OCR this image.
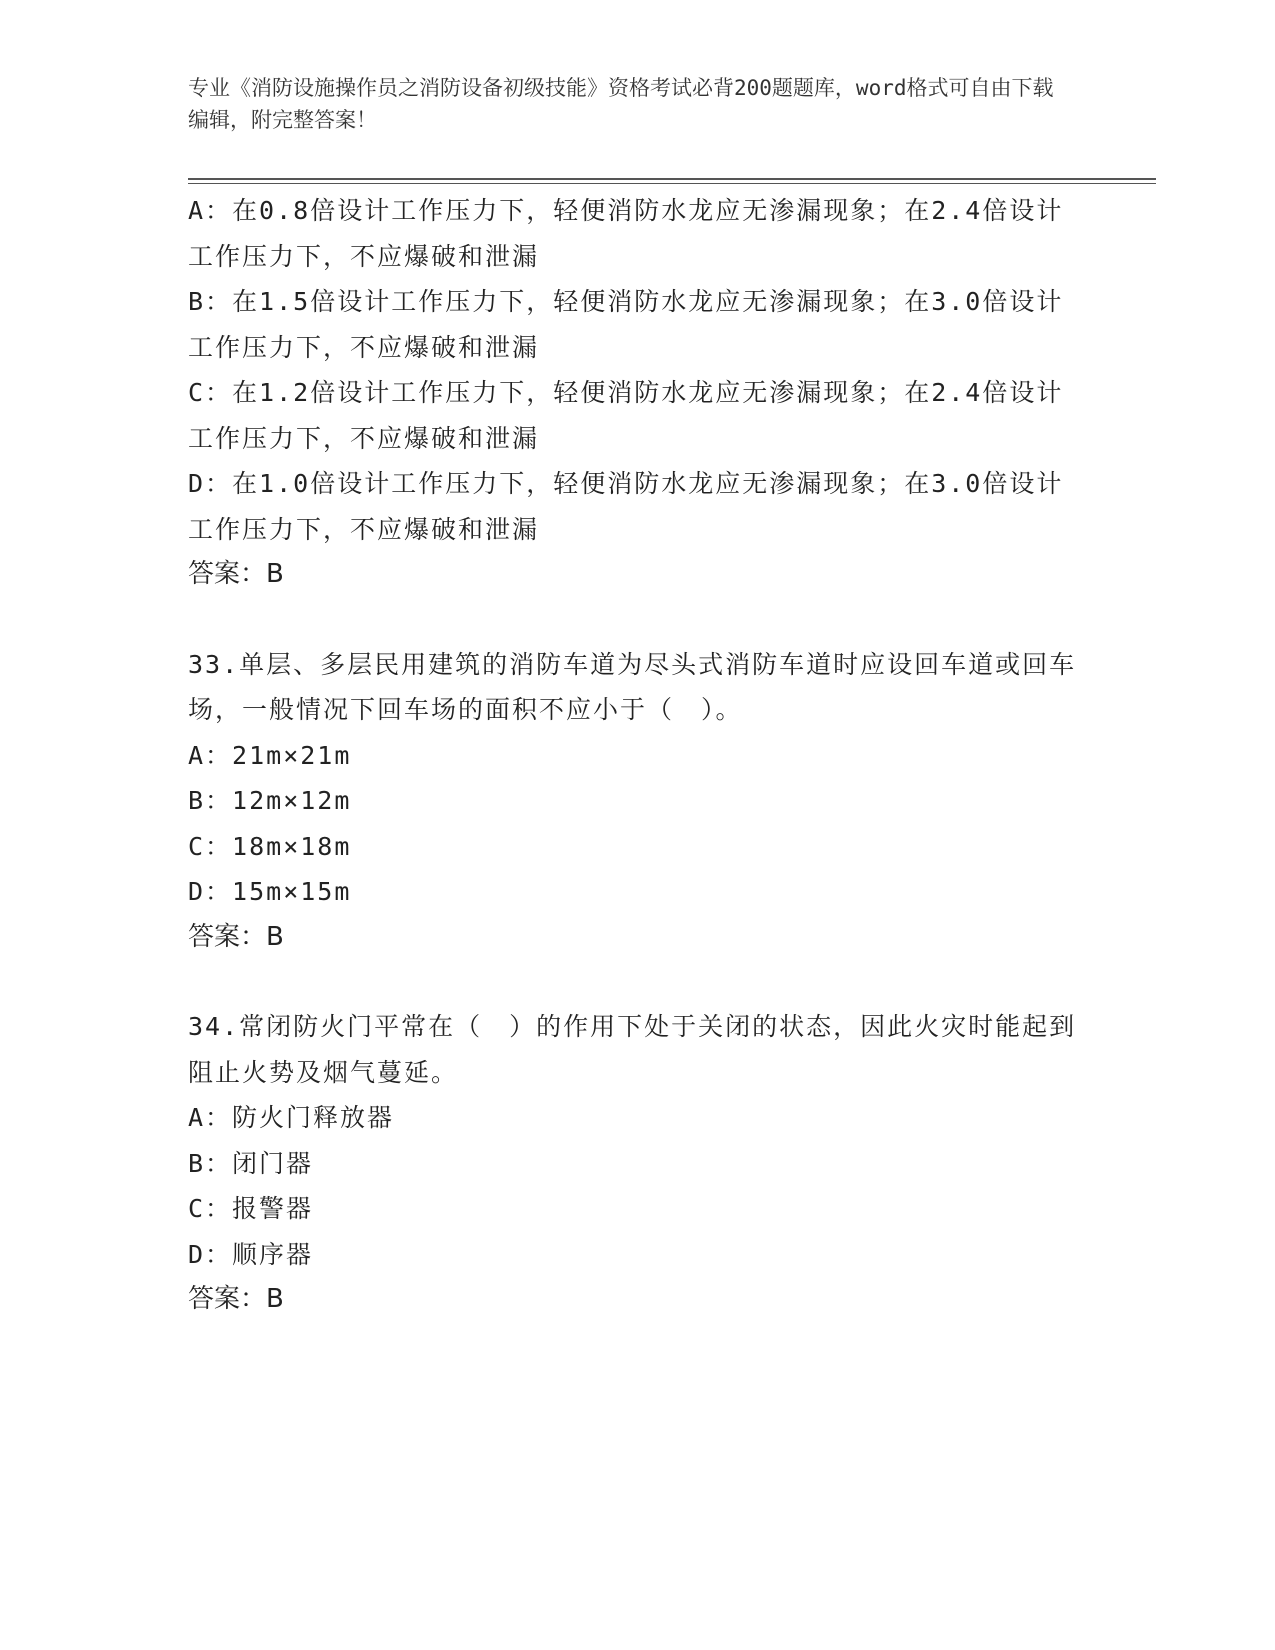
专业《消防设施操作员之消防设备初级技能》资格考试必背200题题库，word格式可自由下载编辑，附完整答案！
A：在0.8倍设计工作压力下，轻便消防水龙应无渗漏现象；在2.4倍设计工作压力下，不应爆破和泄漏
B：在1.5倍设计工作压力下，轻便消防水龙应无渗漏现象；在3.0倍设计工作压力下，不应爆破和泄漏
C：在1.2倍设计工作压力下，轻便消防水龙应无渗漏现象；在2.4倍设计工作压力下，不应爆破和泄漏
D：在1.0倍设计工作压力下，轻便消防水龙应无渗漏现象；在3.0倍设计工作压力下，不应爆破和泄漏
答案：B
33.单层、多层民用建筑的消防车道为尽头式消防车道时应设回车道或回车场，一般情况下回车场的面积不应小于（　）。
A：21m×21m
B：12m×12m
C：18m×18m
D：15m×15m
答案：B
34.常闭防火门平常在（　）的作用下处于关闭的状态，因此火灾时能起到阻止火势及烟气蔓延。
A：防火门释放器
B：闭门器
C：报警器
D：顺序器
答案：B
